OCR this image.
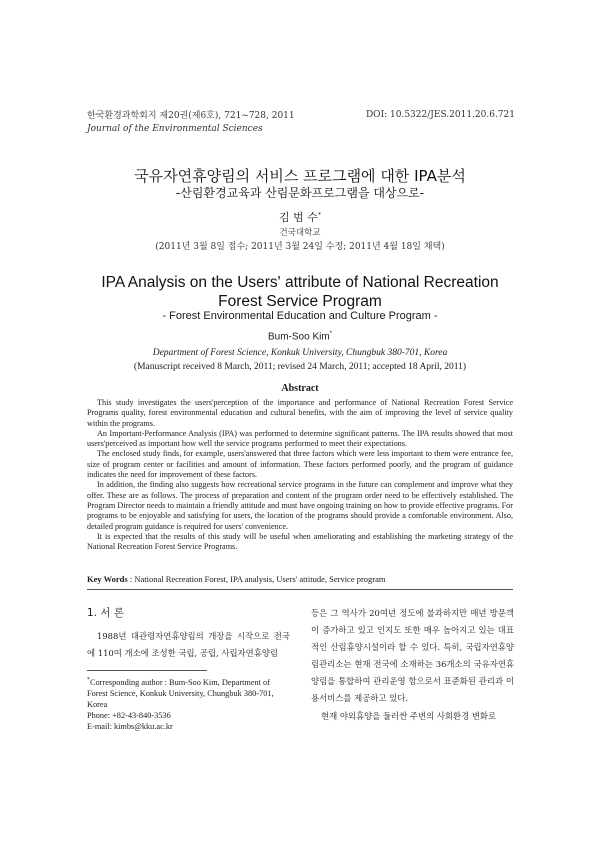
한국환경과학회지 제20권(제6호), 721~728, 2011
Journal of the Environmental Sciences
DOI: 10.5322/JES.2011.20.6.721
국유자연휴양림의 서비스 프로그램에 대한 IPA분석
-산림환경교육과 산림문화프로그램을 대상으로-
김 범 수*
건국대학교
(2011년 3월 8일 접수; 2011년 3월 24일 수정; 2011년 4월 18일 채택)
IPA Analysis on the Users' attribute of National Recreation
Forest Service Program
- Forest Environmental Education and Culture Program -
Bum-Soo Kim*
Department of Forest Science, Konkuk University, Chungbuk 380-701, Korea
(Manuscript received 8 March, 2011; revised 24 March, 2011; accepted 18 April, 2011)
Abstract

This study investigates the users'perception of the importance and performance of National Recreation Forest Service Programs quality, forest environmental education and cultural benefits, with the aim of improving the level of service quality within the programs.

An Important-Performance Analysis (IPA) was performed to determine significant patterns. The IPA results showed that most users'perceived as important how well the service programs performed to meet their expectations.

The enclosed study finds, for example, users'answered that three factors which were less important to them were entrance fee, size of program center or facilities and amount of information. These factors performed poorly, and the program of guidance indicates the need for improvement of these factors.

In addition, the finding also suggests how recreational service programs in the future can complement and improve what they offer. These are as follows. The process of preparation and content of the program order need to be effectively established. The Program Director needs to maintain a friendly attitude and must have ongoing training on how to provide effective programs. For programs to be enjoyable and satisfying for users, the location of the programs should provide a comfortable environment. Also, detailed program guidance is required for users' convenience.

It is expected that the results of this study will be useful when ameliorating and establishing the marketing strategy of the National Recreation Forest Service Programs.

Key Words : National Recreation Forest, IPA analysis, Users' attitude, Service program
1. 서 론

1988년 대관령자연휴양림의 개장을 시작으로 전국에 110여 개소에 조성한 국립, 공립, 사립자연휴양림

*Corresponding author : Bum-Soo Kim, Department of Forest Science, Konkuk University, Chungbuk 380-701, Korea
Phone: +82-43-840-3536
E-mail: kimbs@kku.ac.kr

등은 그 역사가 20여년 정도에 불과하지만 매년 방문객이 증가하고 있고 인지도 또한 매우 높아지고 있는 대표적인 산림휴양시설이라 할 수 있다. 특히, 국립자연휴양림관리소는 현재 전국에 소재하는 36개소의 국유자연휴양림을 통합하여 관리운영 함으로서 표준화된 관리과 이용서비스를 제공하고 있다.

현재 야외휴양을 둘러싼 주변의 사회환경 변화로
